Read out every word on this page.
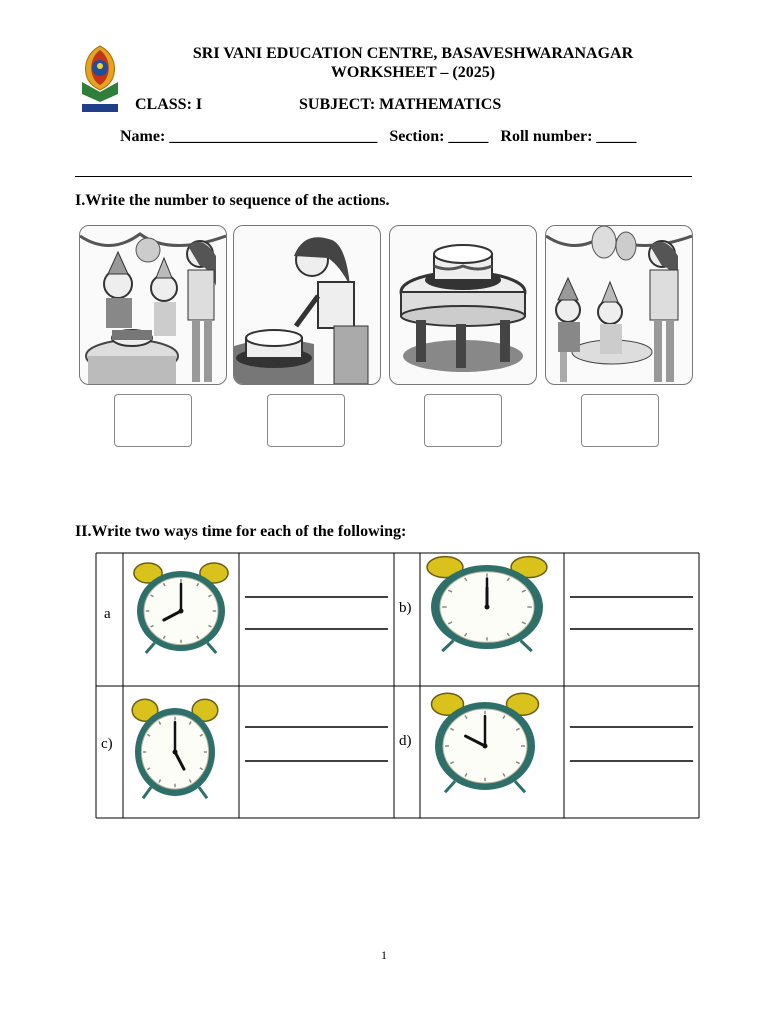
SRI VANI EDUCATION CENTRE, BASAVESHWARANAGAR
WORKSHEET – (2025)
CLASS: I	SUBJECT: MATHEMATICS
Name: __________________________   Section: _____   Roll number: _____
I.Write the number to sequence of the actions.
II.Write two ways time for each of the following:
a	b)
c)	d)
1
